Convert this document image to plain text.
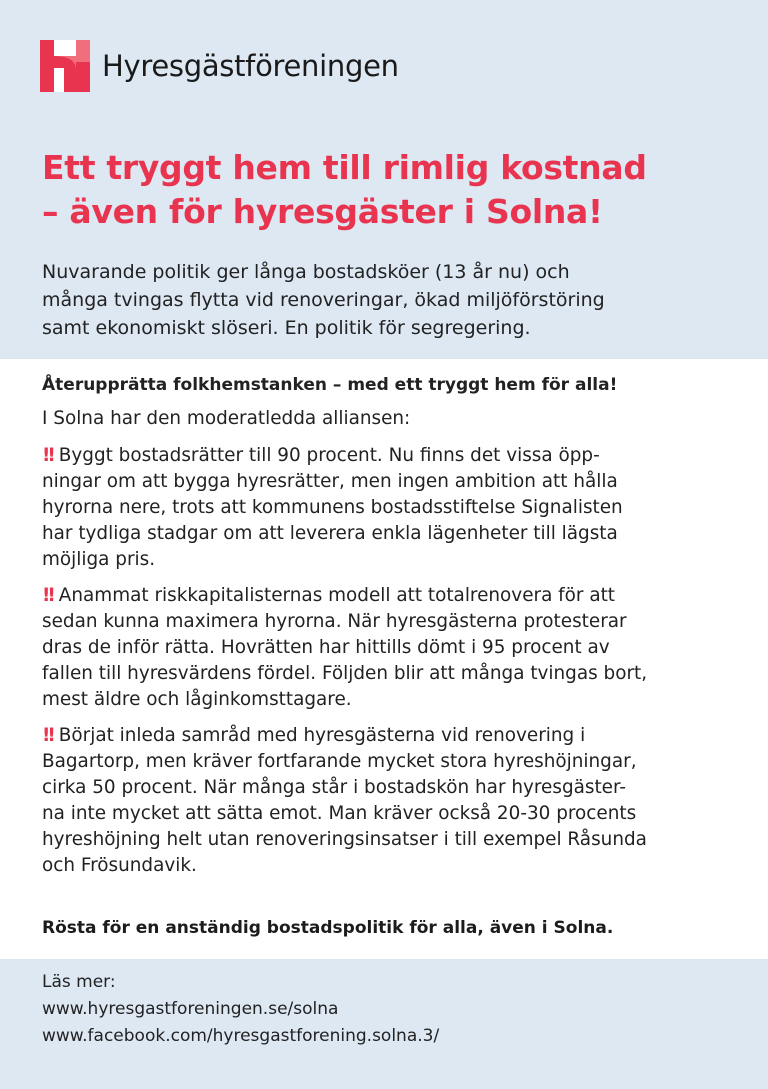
Hyresgästföreningen
Ett tryggt hem till rimlig kostnad
– även för hyresgäster i Solna!
Nuvarande politik ger långa bostadsköer (13 år nu) och
många tvingas flytta vid renoveringar, ökad miljöförstöring
samt ekonomiskt slöseri. En politik för segregering.

Återupprätta folkhemstanken – med ett tryggt hem för alla!

I Solna har den moderatledda alliansen:

!! Byggt bostadsrätter till 90 procent. Nu finns det vissa öpp-
ningar om att bygga hyresrätter, men ingen ambition att hålla
hyrorna nere, trots att kommunens bostadsstiftelse Signalisten
har tydliga stadgar om att leverera enkla lägenheter till lägsta
möjliga pris.
!! Anammat riskkapitalisternas modell att totalrenovera för att
sedan kunna maximera hyrorna. När hyresgästerna protesterar
dras de inför rätta. Hovrätten har hittills dömt i 95 procent av
fallen till hyresvärdens fördel. Följden blir att många tvingas bort,
mest äldre och låginkomsttagare.
!! Börjat inleda samråd med hyresgästerna vid renovering i
Bagartorp, men kräver fortfarande mycket stora hyreshöjningar,
cirka 50 procent. När många står i bostadskön har hyresgäster-
na inte mycket att sätta emot. Man kräver också 20-30 procents
hyreshöjning helt utan renoveringsinsatser i till exempel Råsunda
och Frösundavik.

Rösta för en anständig bostadspolitik för alla, även i Solna.

Läs mer:
www.hyresgastforeningen.se/solna
www.facebook.com/hyresgastforening.solna.3/
